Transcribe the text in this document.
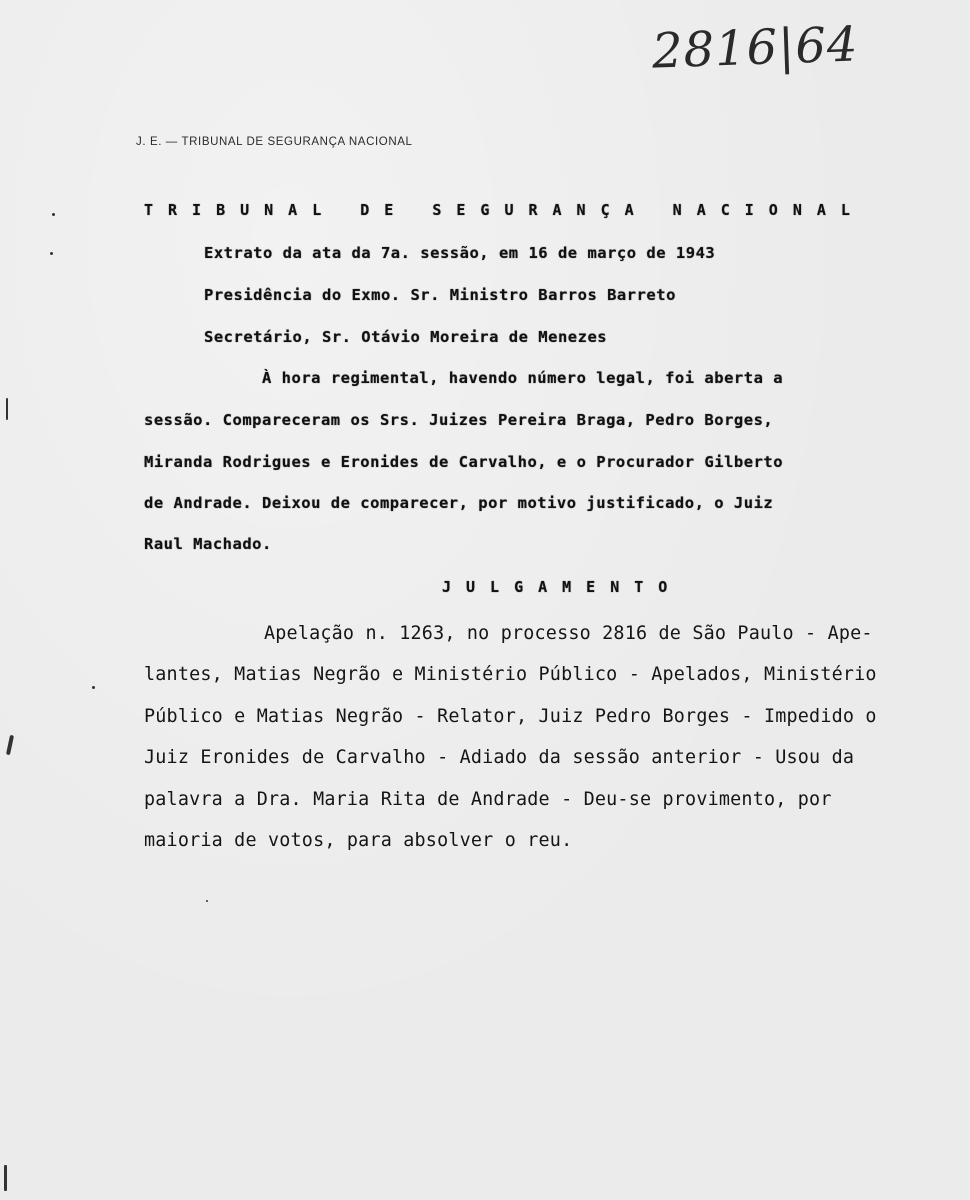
2816|64

J. E. — TRIBUNAL DE SEGURANÇA NACIONAL

TRIBUNAL DE SEGURANÇA NACIONAL

Extrato da ata da 7a. sessão, em 16 de março de 1943

Presidência do Exmo. Sr. Ministro Barros Barreto

Secretário, Sr. Otávio Moreira de Menezes

À hora regimental, havendo número legal, foi aberta a

sessão. Compareceram os Srs. Juizes Pereira Braga, Pedro Borges,

Miranda Rodrigues e Eronides de Carvalho, e o Procurador Gilberto

de Andrade. Deixou de comparecer, por motivo justificado, o Juiz

Raul Machado.

JULGAMENTO

Apelação n. 1263, no processo 2816 de São Paulo - Ape-

lantes, Matias Negrão e Ministério Público - Apelados, Ministério

Público e Matias Negrão - Relator, Juiz Pedro Borges - Impedido o

Juiz Eronides de Carvalho - Adiado da sessão anterior - Usou da

palavra a Dra. Maria Rita de Andrade - Deu-se provimento, por

maioria de votos, para absolver o reu.
